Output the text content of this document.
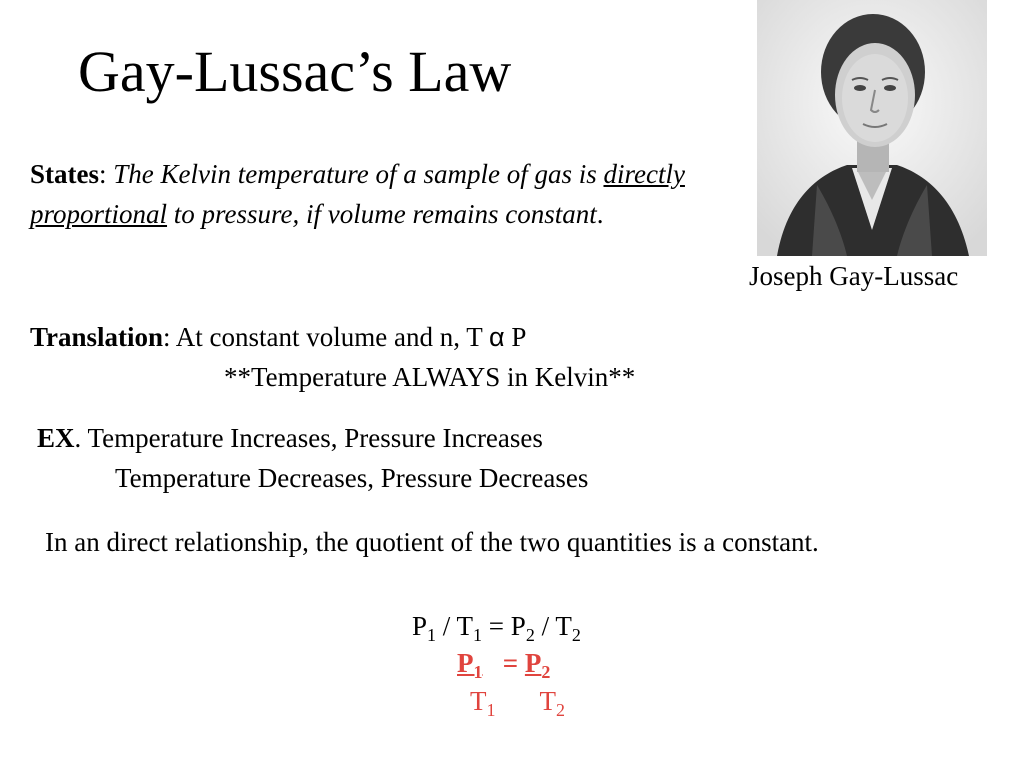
Gay-Lussac’s Law
Joseph Gay-Lussac
States: The Kelvin temperature of a sample of gas is directly proportional to pressure, if volume remains constant.
Translation: At constant volume and n, T α P
**Temperature ALWAYS in Kelvin**
EX. Temperature Increases, Pressure Increases
Temperature Decreases, Pressure Decreases
In an direct relationship, the quotient of the two quantities is a constant.
$P_1 / T_1 = P_2 / T_2$
$P_1 = P_2$
$T_1$ $T_2$
